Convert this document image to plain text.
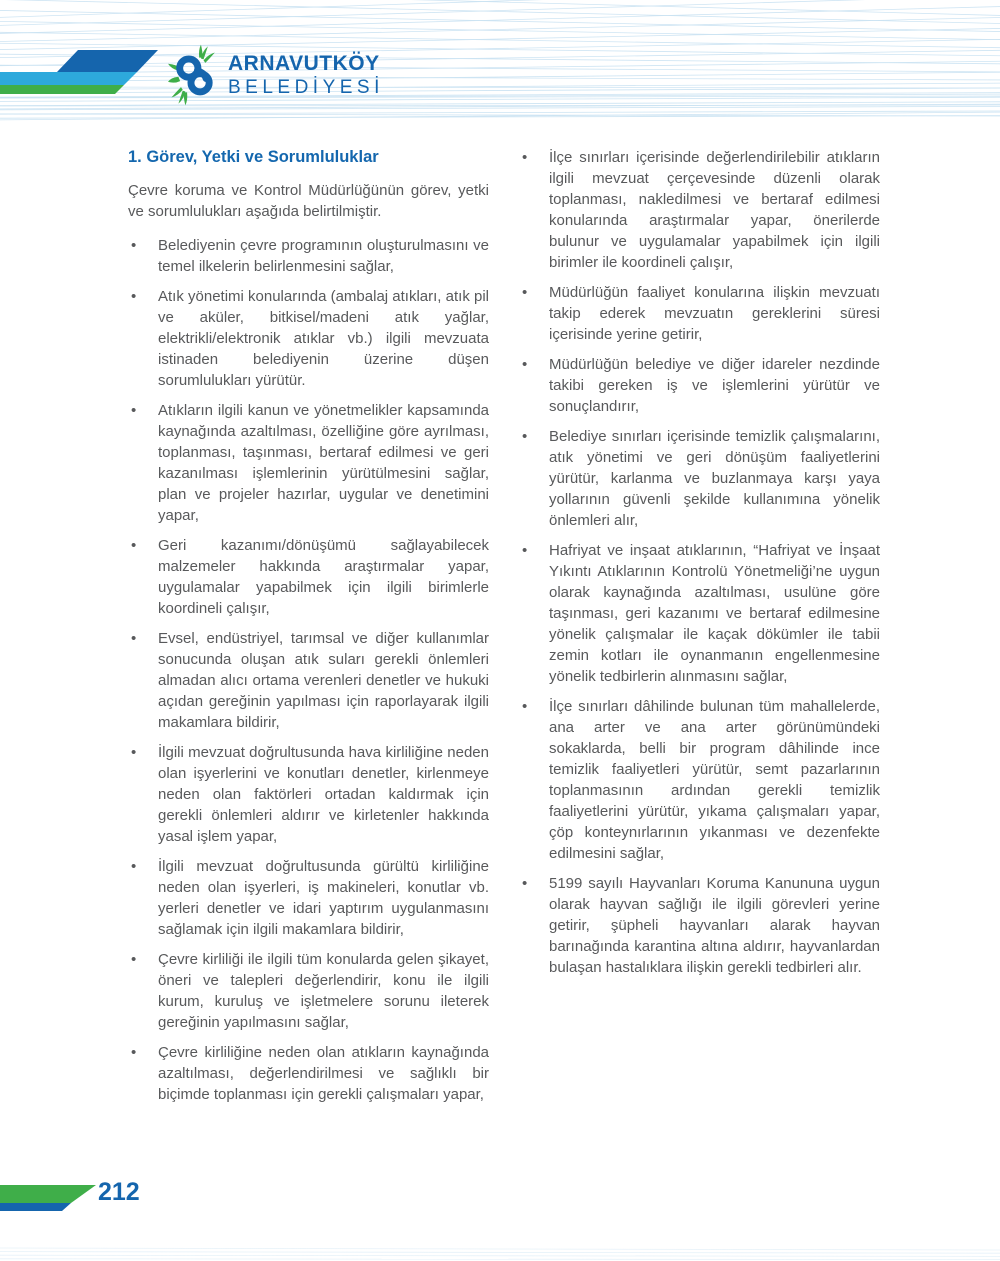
ARNAVUTKÖY
BELEDİYESİ
1. Görev, Yetki ve Sorumluluklar

Çevre koruma ve Kontrol Müdürlüğünün görev, yetki ve sorumlulukları aşağıda belirtilmiştir.

• Belediyenin çevre programının oluşturulmasını ve temel ilkelerin belirlenmesini sağlar,
• Atık yönetimi konularında (ambalaj atıkları, atık pil ve aküler, bitkisel/madeni atık yağlar, elektrikli/elektronik atıklar vb.) ilgili mevzuata istinaden belediyenin üzerine düşen sorumlulukları yürütür.
• Atıkların ilgili kanun ve yönetmelikler kapsamında kaynağında azaltılması, özelliğine göre ayrılması, toplanması, taşınması, bertaraf edilmesi ve geri kazanılması işlemlerinin yürütülmesini sağlar, plan ve projeler hazırlar, uygular ve denetimini yapar,
• Geri kazanımı/dönüşümü sağlayabilecek malzemeler hakkında araştırmalar yapar, uygulamalar yapabilmek için ilgili birimlerle koordineli çalışır,
• Evsel, endüstriyel, tarımsal ve diğer kullanımlar sonucunda oluşan atık suları gerekli önlemleri almadan alıcı ortama verenleri denetler ve hukuki açıdan gereğinin yapılması için raporlayarak ilgili makamlara bildirir,
• İlgili mevzuat doğrultusunda hava kirliliğine neden olan işyerlerini ve konutları denetler, kirlenmeye neden olan faktörleri ortadan kaldırmak için gerekli önlemleri aldırır ve kirletenler hakkında yasal işlem yapar,
• İlgili mevzuat doğrultusunda gürültü kirliliğine neden olan işyerleri, iş makineleri, konutlar vb. yerleri denetler ve idari yaptırım uygulanmasını sağlamak için ilgili makamlara bildirir,
• Çevre kirliliği ile ilgili tüm konularda gelen şikayet, öneri ve talepleri değerlendirir, konu ile ilgili kurum, kuruluş ve işletmelere sorunu ileterek gereğinin yapılmasını sağlar,
• Çevre kirliliğine neden olan atıkların kaynağında azaltılması, değerlendirilmesi ve sağlıklı bir biçimde toplanması için gerekli çalışmaları yapar,
• İlçe sınırları içerisinde değerlendirilebilir atıkların ilgili mevzuat çerçevesinde düzenli olarak toplanması, nakledilmesi ve bertaraf edilmesi konularında araştırmalar yapar, önerilerde bulunur ve uygulamalar yapabilmek için ilgili birimler ile koordineli çalışır,
• Müdürlüğün faaliyet konularına ilişkin mevzuatı takip ederek mevzuatın gereklerini süresi içerisinde yerine getirir,
• Müdürlüğün belediye ve diğer idareler nezdinde takibi gereken iş ve işlemlerini yürütür ve sonuçlandırır,
• Belediye sınırları içerisinde temizlik çalışmalarını, atık yönetimi ve geri dönüşüm faaliyetlerini yürütür, karlanma ve buzlanmaya karşı yaya yollarının güvenli şekilde kullanımına yönelik önlemleri alır,
• Hafriyat ve inşaat atıklarının, “Hafriyat ve İnşaat Yıkıntı Atıklarının Kontrolü Yönetmeliği’ne uygun olarak kaynağında azaltılması, usulüne göre taşınması, geri kazanımı ve bertaraf edilmesine yönelik çalışmalar ile kaçak dökümler ile tabii zemin kotları ile oynanmanın engellenmesine yönelik tedbirlerin alınmasını sağlar,
• İlçe sınırları dâhilinde bulunan tüm mahallelerde, ana arter ve ana arter görünümündeki sokaklarda, belli bir program dâhilinde ince temizlik faaliyetleri yürütür, semt pazarlarının toplanmasının ardından gerekli temizlik faaliyetlerini yürütür, yıkama çalışmaları yapar, çöp konteynırlarının yıkanması ve dezenfekte edilmesini sağlar,
• 5199 sayılı Hayvanları Koruma Kanununa uygun olarak hayvan sağlığı ile ilgili görevleri yerine getirir, şüpheli hayvanları alarak hayvan barınağında karantina altına aldırır, hayvanlardan bulaşan hastalıklara ilişkin gerekli tedbirleri alır.
212
